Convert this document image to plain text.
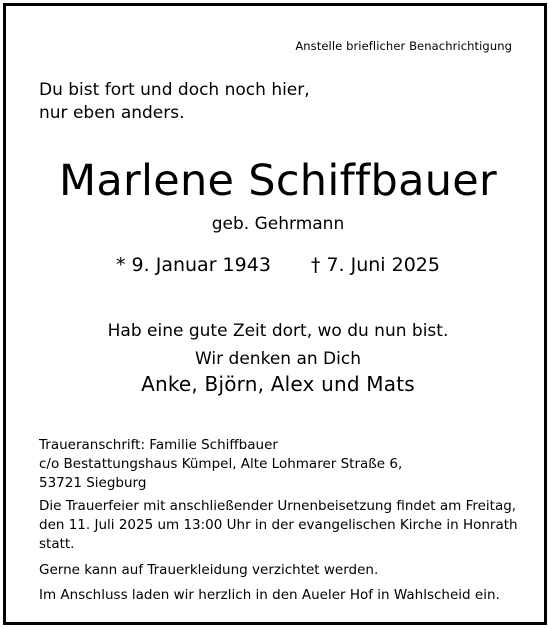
Anstelle brieflicher Benachrichtigung
Du bist fort und doch noch hier,
nur eben anders.
Marlene Schiffbauer
geb. Gehrmann
* 9. Januar 1943 † 7. Juni 2025
Hab eine gute Zeit dort, wo du nun bist.
Wir denken an Dich
Anke, Björn, Alex und Mats
Traueranschrift: Familie Schiffbauer
c/o Bestattungshaus Kümpel, Alte Lohmarer Straße 6,
53721 Siegburg
Die Trauerfeier mit anschließender Urnenbeisetzung findet am Freitag,
den 11. Juli 2025 um 13:00 Uhr in der evangelischen Kirche in Honrath
statt.
Gerne kann auf Trauerkleidung verzichtet werden.
Im Anschluss laden wir herzlich in den Aueler Hof in Wahlscheid ein.
